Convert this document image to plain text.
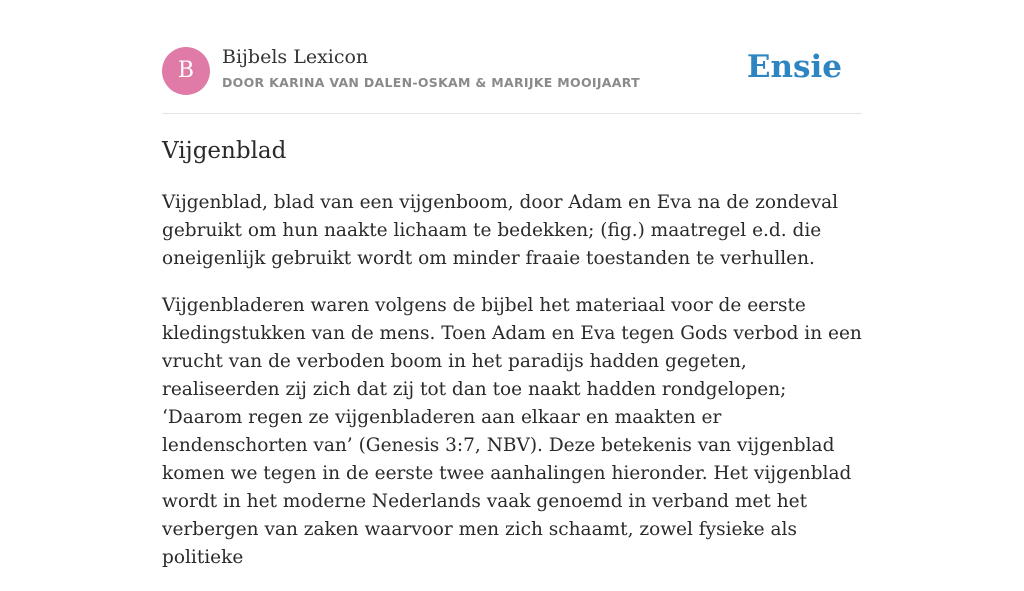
B
Bijbels Lexicon
DOOR KARINA VAN DALEN-OSKAM & MARIJKE MOOIJAART	Ensie
Vijgenblad

Vijgenblad, blad van een vijgenboom, door Adam en Eva na de zondeval gebruikt om hun naakte lichaam te bedekken; (fig.) maatregel e.d. die oneigenlijk gebruikt wordt om minder fraaie toestanden te verhullen.

Vijgenbladeren waren volgens de bijbel het materiaal voor de eerste kledingstukken van de mens. Toen Adam en Eva tegen Gods verbod in een vrucht van de verboden boom in het paradijs hadden gegeten, realiseerden zij zich dat zij tot dan toe naakt hadden rondgelopen; ‘Daarom regen ze vijgenbladeren aan elkaar en maakten er lendenschorten van’ (Genesis 3:7, NBV). Deze betekenis van vijgenblad komen we tegen in de eerste twee aanhalingen hieronder. Het vijgenblad wordt in het moderne Nederlands vaak genoemd in verband met het verbergen van zaken waarvoor men zich schaamt, zowel fysieke als politieke
